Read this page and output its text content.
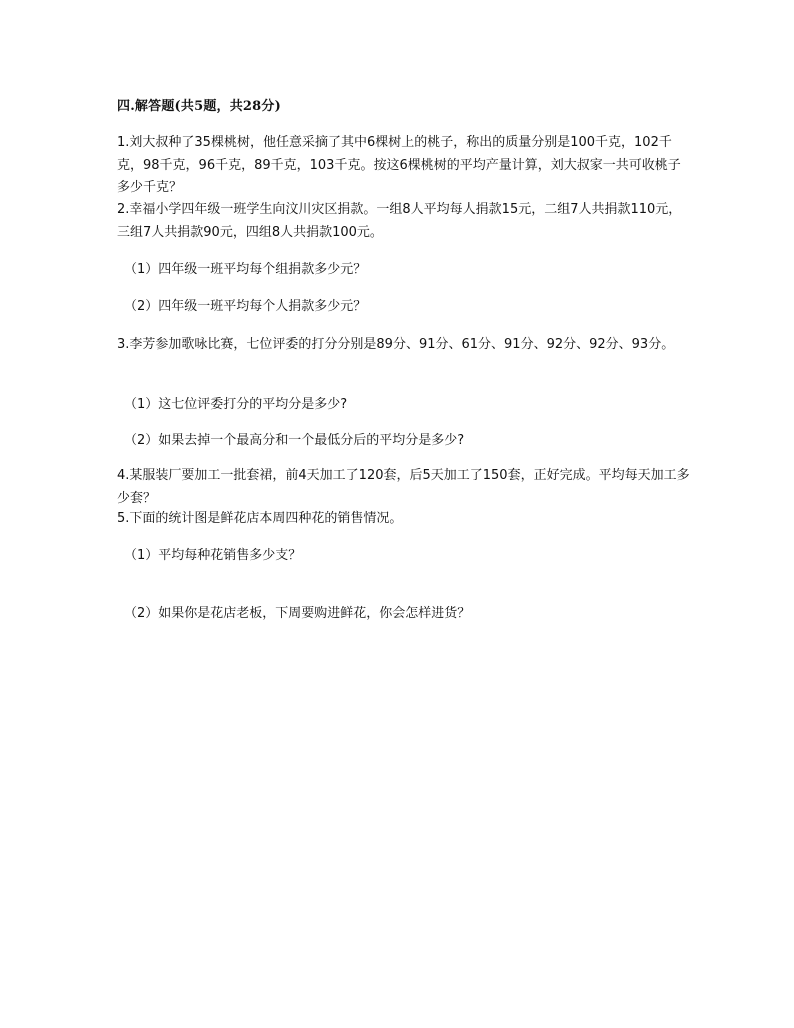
四.解答题(共5题，共28分)
1.刘大叔种了35棵桃树，他任意采摘了其中6棵树上的桃子，称出的质量分别是100千克，102千克，98千克，96千克，89千克，103千克。按这6棵桃树的平均产量计算，刘大叔家一共可收桃子多少千克？
2.幸福小学四年级一班学生向汶川灾区捐款。一组8人平均每人捐款15元，二组7人共捐款110元，三组7人共捐款90元，四组8人共捐款100元。
（1）四年级一班平均每个组捐款多少元？
（2）四年级一班平均每个人捐款多少元？
3.李芳参加歌咏比赛，七位评委的打分分别是89分、91分、61分、91分、92分、92分、93分。
（1）这七位评委打分的平均分是多少?
（2）如果去掉一个最高分和一个最低分后的平均分是多少?
4.某服装厂要加工一批套裙，前4天加工了120套，后5天加工了150套，正好完成。平均每天加工多少套？
5.下面的统计图是鲜花店本周四种花的销售情况。
（1）平均每种花销售多少支？
（2）如果你是花店老板，下周要购进鲜花，你会怎样进货？
